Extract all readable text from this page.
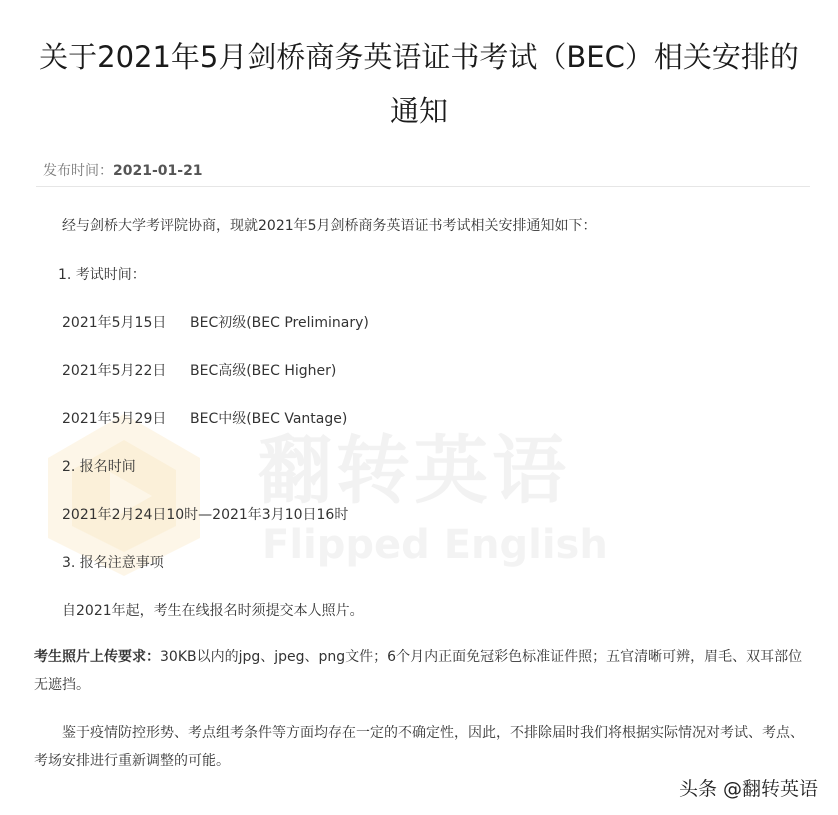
关于2021年5月剑桥商务英语证书考试（BEC）相关安排的通知
发布时间：2021-01-21
翻转英语
Flipped English
经与剑桥大学考评院协商，现就2021年5月剑桥商务英语证书考试相关安排通知如下：
1. 考试时间：
2021年5月15日 BEC初级(BEC Preliminary)
2021年5月22日 BEC高级(BEC Higher)
2021年5月29日 BEC中级(BEC Vantage)
2. 报名时间
2021年2月24日10时—2021年3月10日16时
3. 报名注意事项
自2021年起，考生在线报名时须提交本人照片。
考生照片上传要求：30KB以内的jpg、jpeg、png文件；6个月内正面免冠彩色标准证件照；五官清晰可辨，眉毛、双耳部位无遮挡。
鉴于疫情防控形势、考点组考条件等方面均存在一定的不确定性，因此，不排除届时我们将根据实际情况对考试、考点、考场安排进行重新调整的可能。
头条 @翻转英语
